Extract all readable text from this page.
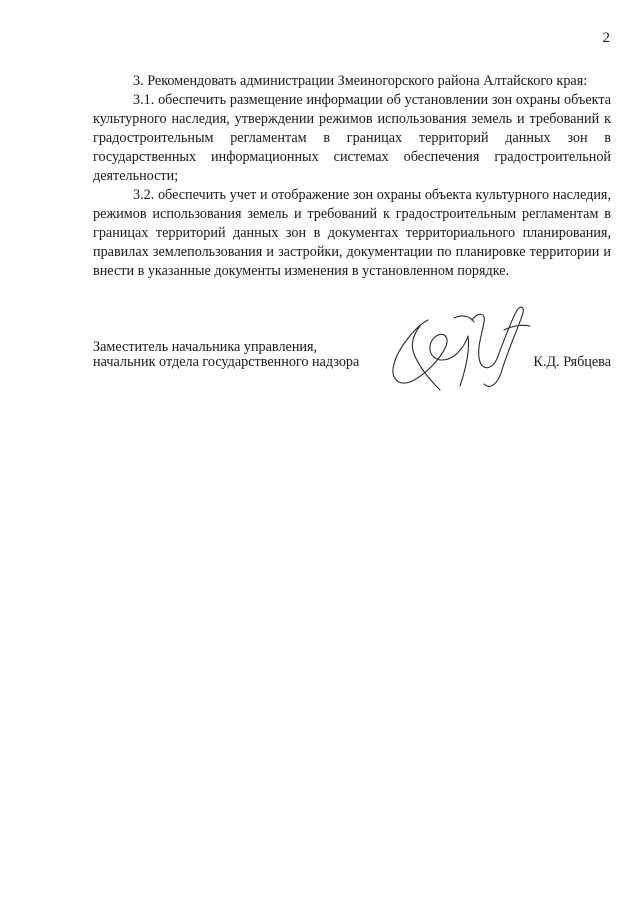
2

3. Рекомендовать администрации Змеиногорского района Алтайского края:

3.1. обеспечить размещение информации об установлении зон охраны объекта культурного наследия, утверждении режимов использования земель и требований к градостроительным регламентам в границах территорий данных зон в государственных информационных системах обеспечения градостроительной деятельности;

3.2. обеспечить учет и отображение зон охраны объекта культурного наследия, режимов использования земель и требований к градостроительным регламентам в границах территорий данных зон в документах территориального планирования, правилах землепользования и застройки, документации по планировке территории и внести в указанные документы изменения в установленном порядке.

Заместитель начальника управления,
начальник отдела государственного надзора	К.Д. Рябцева
